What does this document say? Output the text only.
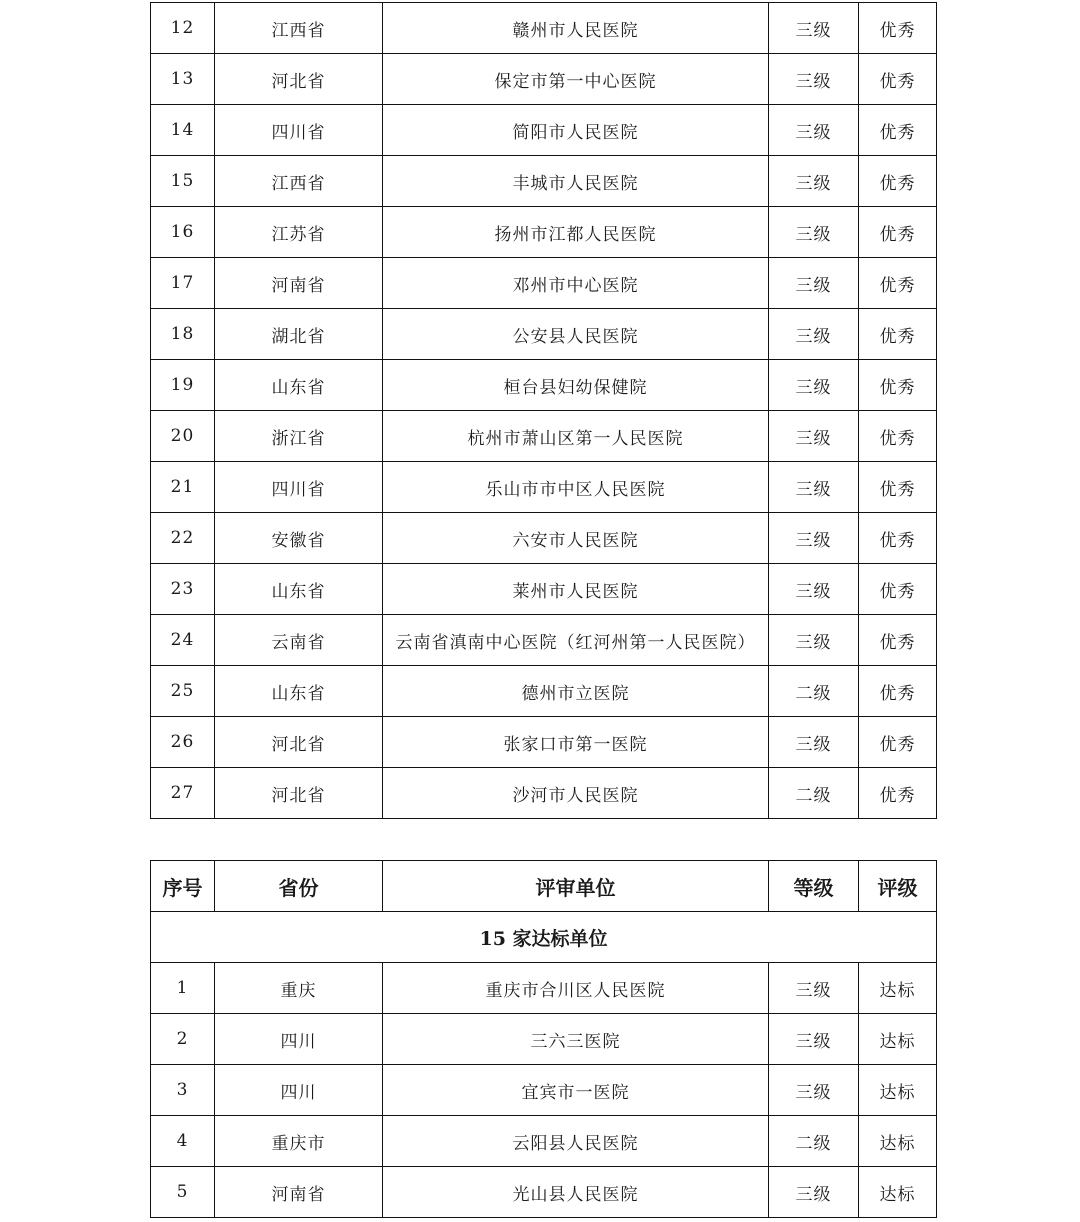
12	江西省	赣州市人民医院	三级	优秀
13	河北省	保定市第一中心医院	三级	优秀
14	四川省	简阳市人民医院	三级	优秀
15	江西省	丰城市人民医院	三级	优秀
16	江苏省	扬州市江都人民医院	三级	优秀
17	河南省	邓州市中心医院	三级	优秀
18	湖北省	公安县人民医院	三级	优秀
19	山东省	桓台县妇幼保健院	三级	优秀
20	浙江省	杭州市萧山区第一人民医院	三级	优秀
21	四川省	乐山市市中区人民医院	三级	优秀
22	安徽省	六安市人民医院	三级	优秀
23	山东省	莱州市人民医院	三级	优秀
24	云南省	云南省滇南中心医院（红河州第一人民医院）	三级	优秀
25	山东省	德州市立医院	二级	优秀
26	河北省	张家口市第一医院	三级	优秀
27	河北省	沙河市人民医院	二级	优秀
序号	省份	评审单位	等级	评级
15 家达标单位				
1	重庆	重庆市合川区人民医院	三级	达标
2	四川	三六三医院	三级	达标
3	四川	宜宾市一医院	三级	达标
4	重庆市	云阳县人民医院	二级	达标
5	河南省	光山县人民医院	三级	达标
